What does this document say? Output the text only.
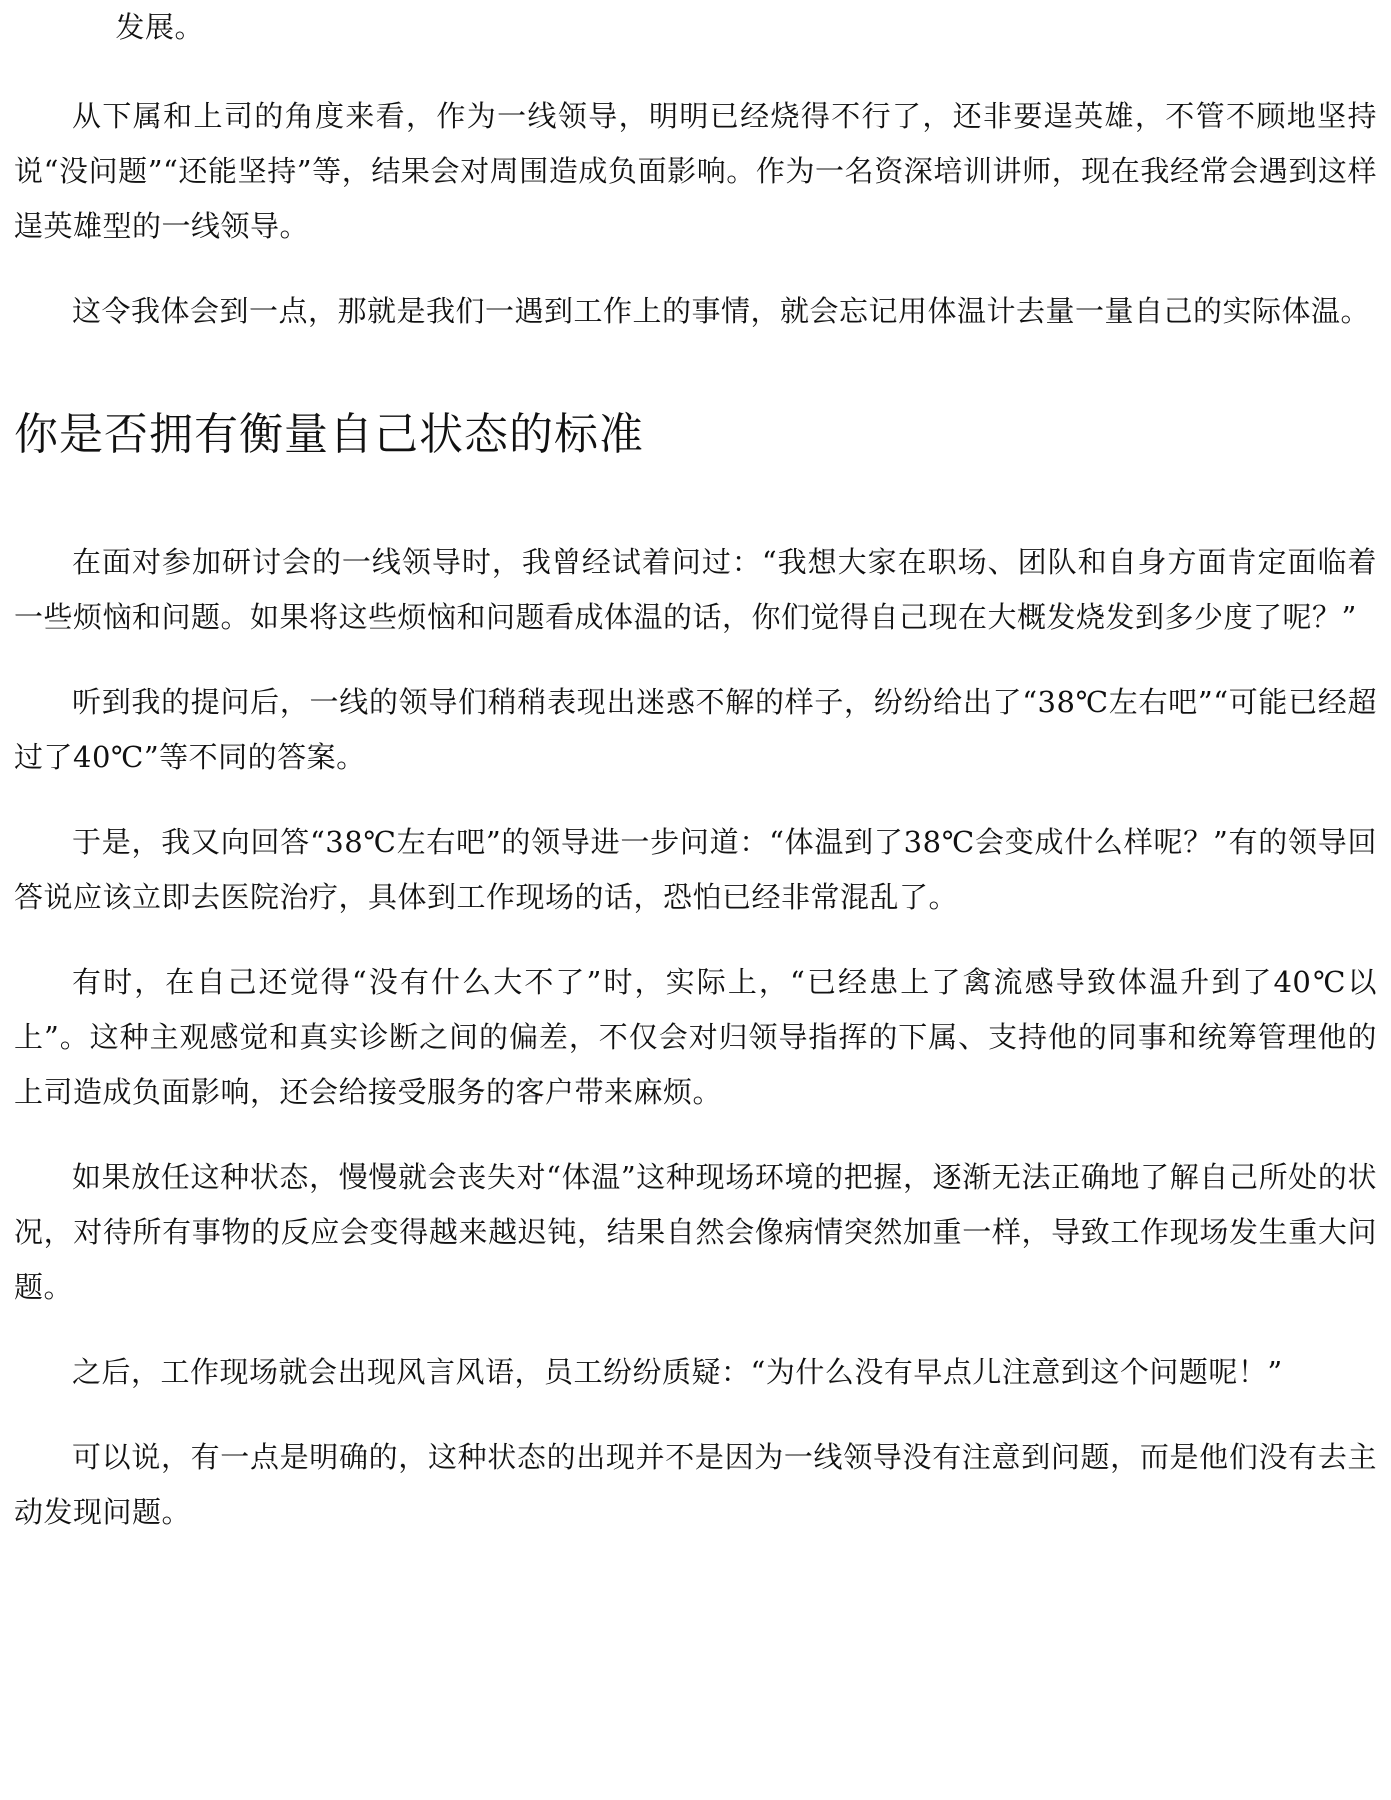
发展。

从下属和上司的角度来看，作为一线领导，明明已经烧得不行了，还非要逞英雄，不管不顾地坚持说“没问题”“还能坚持”等，结果会对周围造成负面影响。作为一名资深培训讲师，现在我经常会遇到这样逞英雄型的一线领导。

这令我体会到一点，那就是我们一遇到工作上的事情，就会忘记用体温计去量一量自己的实际体温。

你是否拥有衡量自己状态的标准

在面对参加研讨会的一线领导时，我曾经试着问过：“我想大家在职场、团队和自身方面肯定面临着一些烦恼和问题。如果将这些烦恼和问题看成体温的话，你们觉得自己现在大概发烧发到多少度了呢？”

听到我的提问后，一线的领导们稍稍表现出迷惑不解的样子，纷纷给出了“38℃左右吧”“可能已经超过了40℃”等不同的答案。

于是，我又向回答“38℃左右吧”的领导进一步问道：“体温到了38℃会变成什么样呢？”有的领导回答说应该立即去医院治疗，具体到工作现场的话，恐怕已经非常混乱了。

有时，在自己还觉得“没有什么大不了”时，实际上，“已经患上了禽流感导致体温升到了40℃以上”。这种主观感觉和真实诊断之间的偏差，不仅会对归领导指挥的下属、支持他的同事和统筹管理他的上司造成负面影响，还会给接受服务的客户带来麻烦。

如果放任这种状态，慢慢就会丧失对“体温”这种现场环境的把握，逐渐无法正确地了解自己所处的状况，对待所有事物的反应会变得越来越迟钝，结果自然会像病情突然加重一样，导致工作现场发生重大问题。

之后，工作现场就会出现风言风语，员工纷纷质疑：“为什么没有早点儿注意到这个问题呢！”

可以说，有一点是明确的，这种状态的出现并不是因为一线领导没有注意到问题，而是他们没有去主动发现问题。
